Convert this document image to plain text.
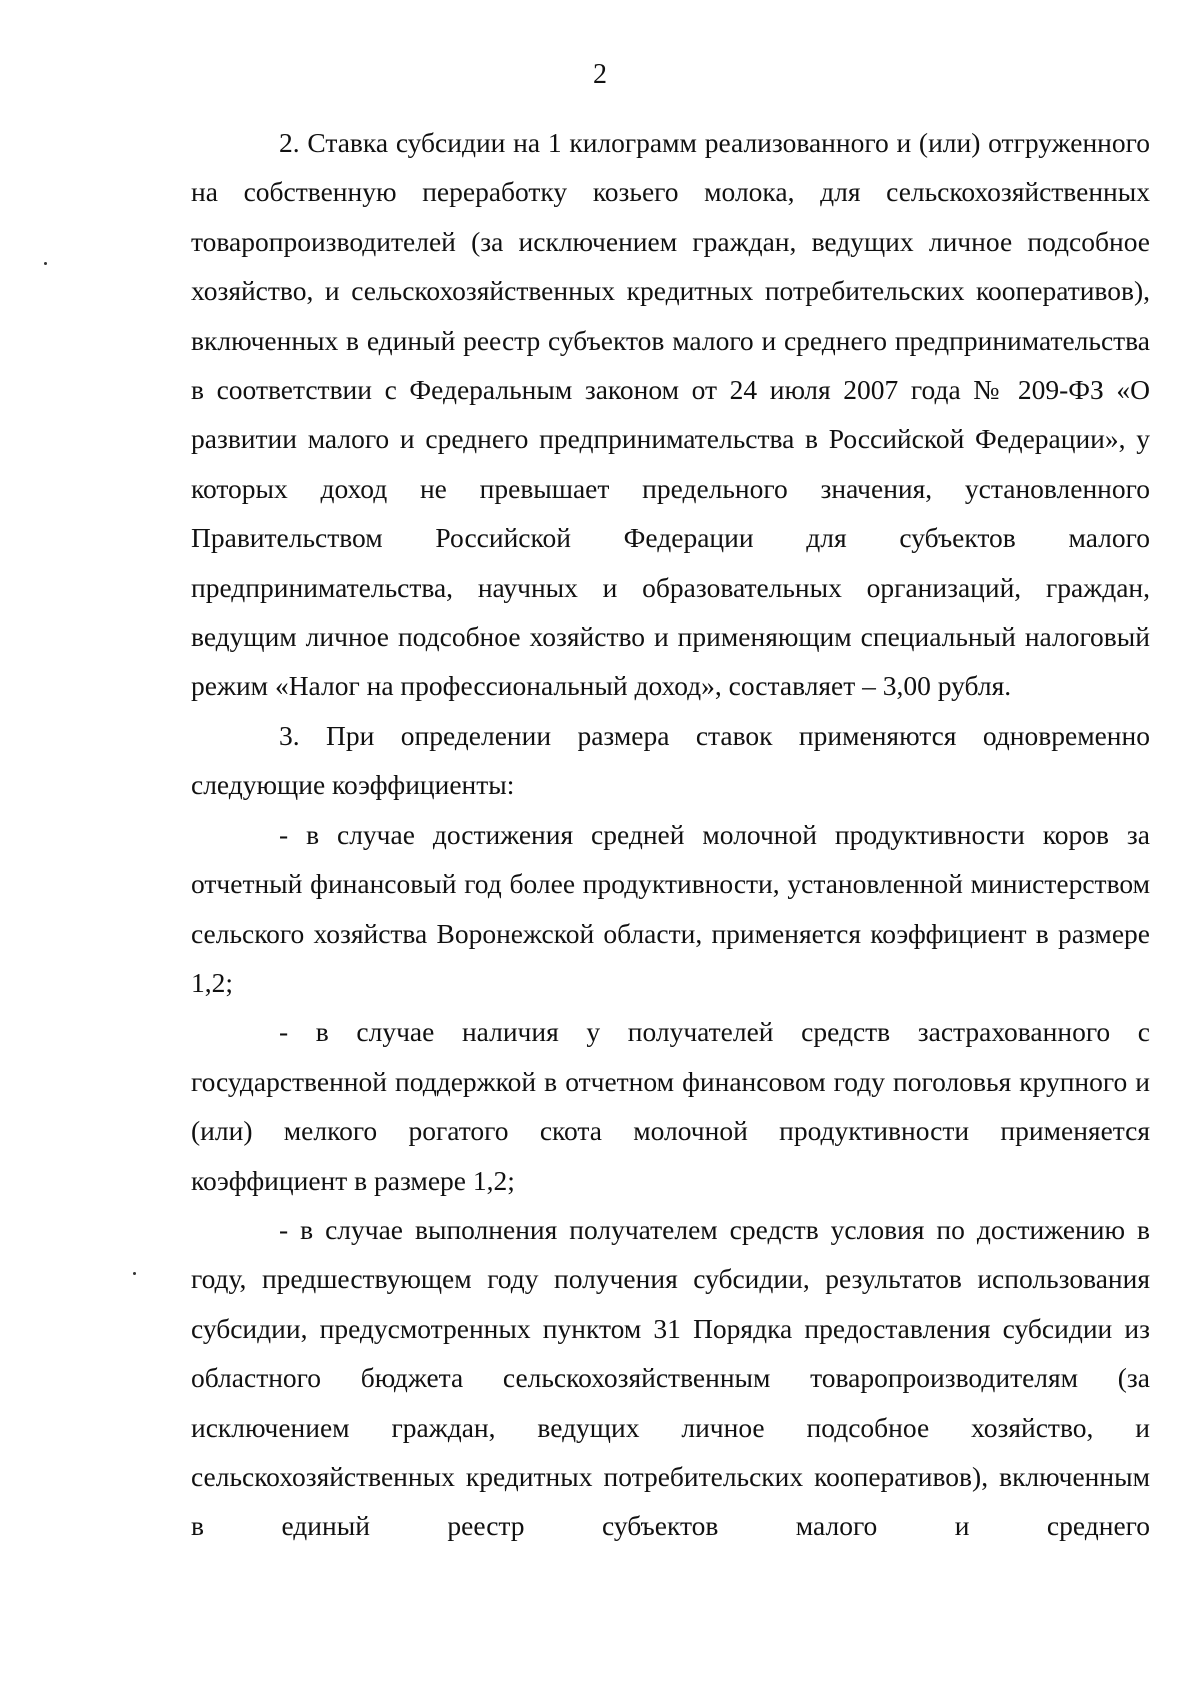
2

2. Ставка субсидии на 1 килограмм реализованного и (или) отгруженного на собственную переработку козьего молока, для сельскохозяйственных товаропроизводителей (за исключением граждан, ведущих личное подсобное хозяйство, и сельскохозяйственных кредитных потребительских кооперативов), включенных в единый реестр субъектов малого и среднего предпринимательства в соответствии с Федеральным законом от 24 июля 2007 года № 209-ФЗ «О развитии малого и среднего предпринимательства в Российской Федерации», у которых доход не превышает предельного значения, установленного Правительством Российской Федерации для субъектов малого предпринимательства, научных и образовательных организаций, граждан, ведущим личное подсобное хозяйство и применяющим специальный налоговый режим «Налог на профессиональный доход», составляет – 3,00 рубля.

3. При определении размера ставок применяются одновременно следующие коэффициенты:

- в случае достижения средней молочной продуктивности коров за отчетный финансовый год более продуктивности, установленной министерством сельского хозяйства Воронежской области, применяется коэффициент в размере 1,2;

- в случае наличия у получателей средств застрахованного с государственной поддержкой в отчетном финансовом году поголовья крупного и (или) мелкого рогатого скота молочной продуктивности применяется коэффициент в размере 1,2;

- в случае выполнения получателем средств условия по достижению в году, предшествующем году получения субсидии, результатов использования субсидии, предусмотренных пунктом 31 Порядка предоставления субсидии из областного бюджета сельскохозяйственным товаропроизводителям (за исключением граждан, ведущих личное подсобное хозяйство, и сельскохозяйственных кредитных потребительских кооперативов), включенным в единый реестр субъектов малого и среднего
